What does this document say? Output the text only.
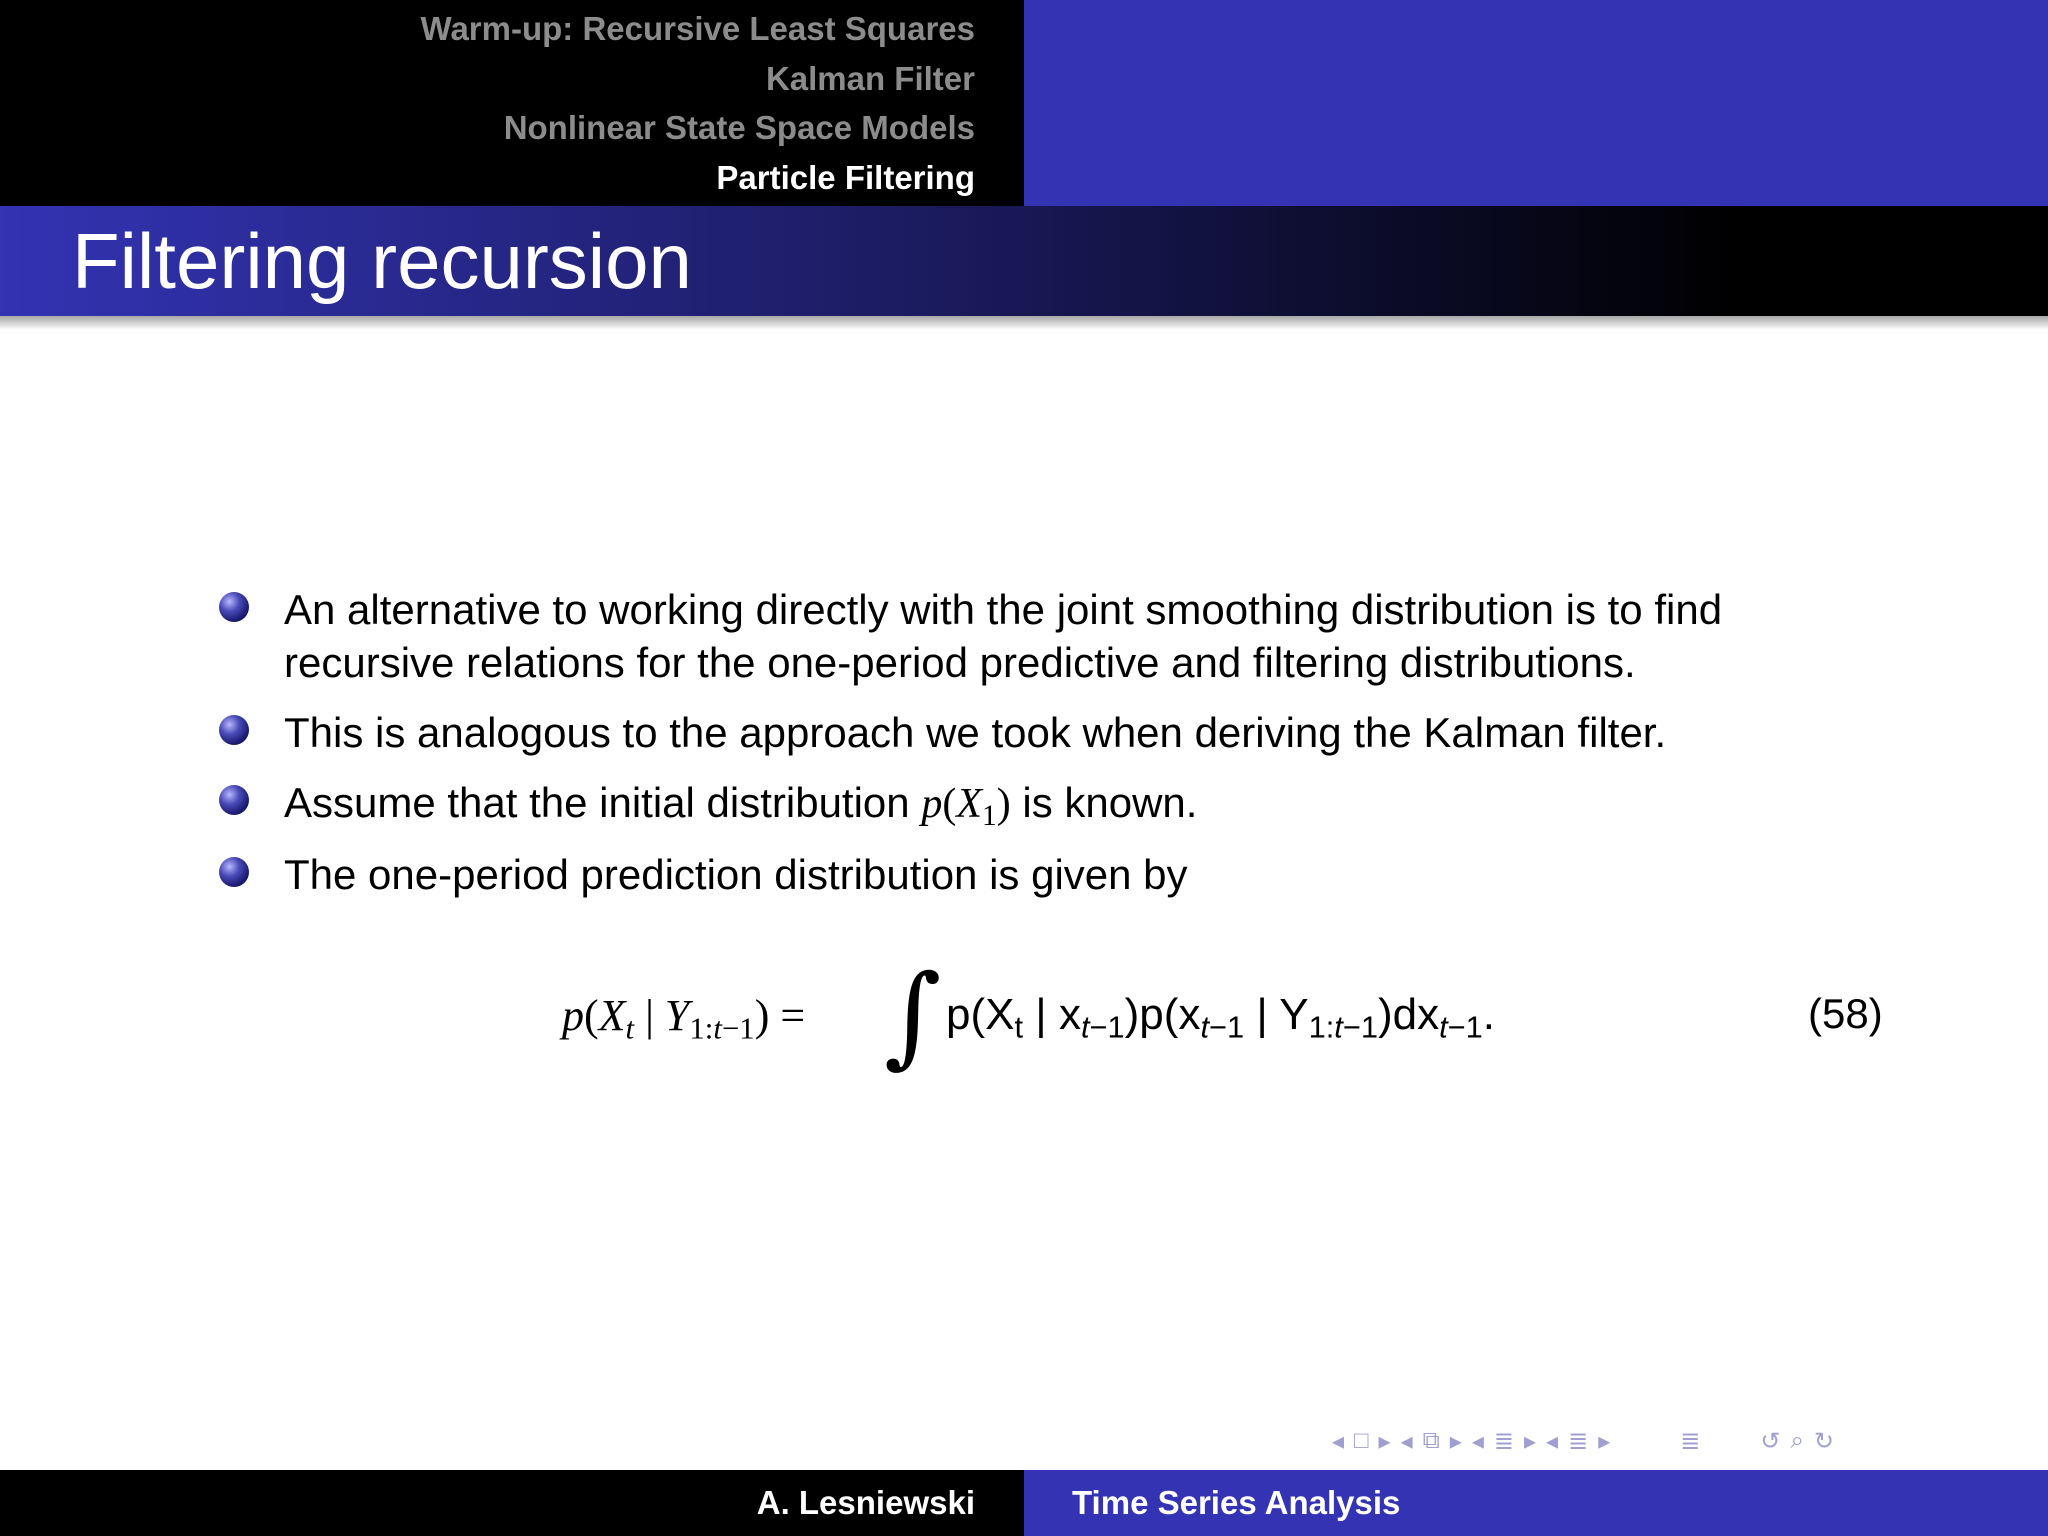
Warm-up: Recursive Least Squares
Kalman Filter
Nonlinear State Space Models
Particle Filtering
Filtering recursion
An alternative to working directly with the joint smoothing distribution is to find
recursive relations for the one-period predictive and filtering distributions.
This is analogous to the approach we took when deriving the Kalman filter.
Assume that the initial distribution $p(X_1)$ is known.
The one-period prediction distribution is given by
$p(X_t$ | $Y_{1:t-1}$) = ∫ $p(X_t$ | $x_{t-1})p(x_{t-1}$ | $Y_{1:t-1})dx_{t-1}$.	(58)
◂ □ ▸ ◂ ⧉ ▸ ◂ ≣ ▸ ◂ ≣ ▸	≣	↺ ⌕ ↻
A. Lesniewski	Time Series Analysis
